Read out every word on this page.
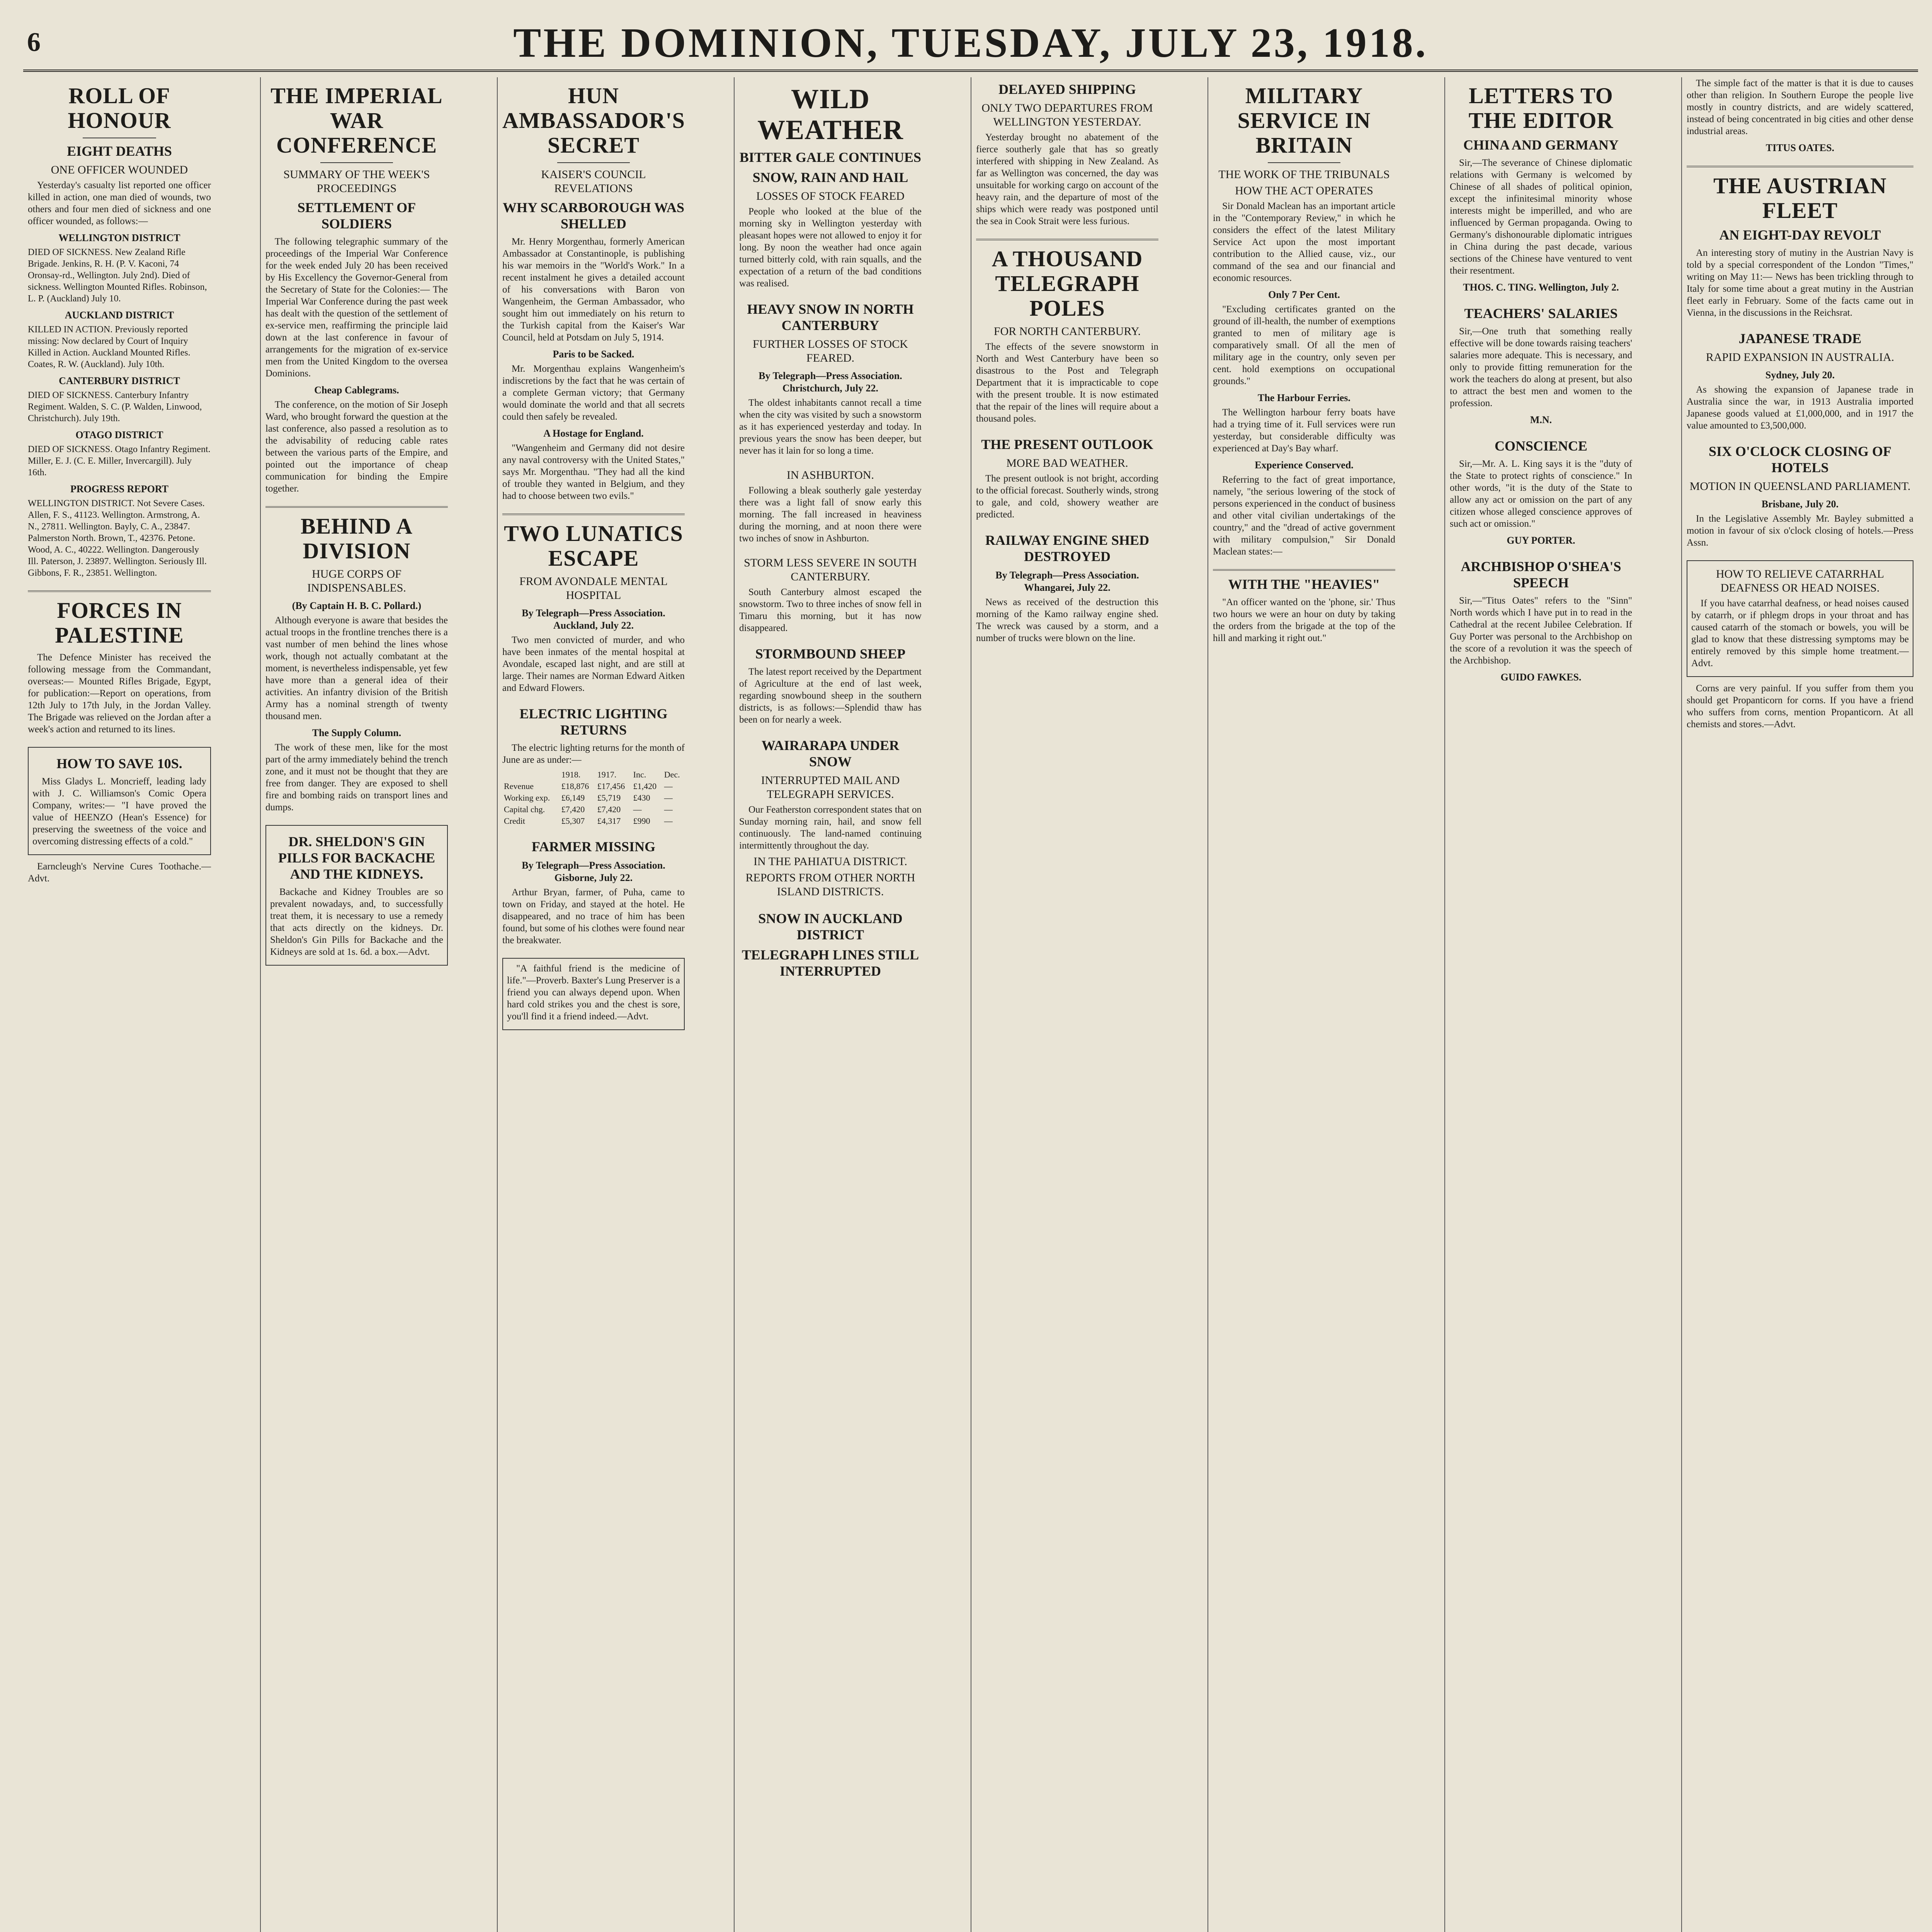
6	THE DOMINION, TUESDAY, JULY 23, 1918.
ROLL OF HONOUR
EIGHT DEATHS
ONE OFFICER WOUNDED

Yesterday's casualty list reported one officer killed in action, one man died of wounds, two others and four men died of sickness and one officer wounded, as follows:—

WELLINGTON DISTRICT

DIED OF SICKNESS. New Zealand Rifle Brigade. Jenkins, R. H. (P. V. Kaconi, 74 Oronsay-rd., Wellington. July 2nd). Died of sickness. Wellington Mounted Rifles. Robinson, L. P. (Auckland) July 10.

AUCKLAND DISTRICT

KILLED IN ACTION. Previously reported missing: Now declared by Court of Inquiry Killed in Action. Auckland Mounted Rifles. Coates, R. W. (Auckland). July 10th.

CANTERBURY DISTRICT

DIED OF SICKNESS. Canterbury Infantry Regiment. Walden, S. C. (P. Walden, Linwood, Christchurch). July 19th.

OTAGO DISTRICT

DIED OF SICKNESS. Otago Infantry Regiment. Miller, E. J. (C. E. Miller, Invercargill). July 16th.

PROGRESS REPORT

WELLINGTON DISTRICT. Not Severe Cases. Allen, F. S., 41123. Wellington. Armstrong, A. N., 27811. Wellington. Bayly, C. A., 23847. Palmerston North. Brown, T., 42376. Petone. Wood, A. C., 40222. Wellington. Dangerously Ill. Paterson, J. 23897. Wellington. Seriously Ill. Gibbons, F. R., 23851. Wellington.

FORCES IN PALESTINE

The Defence Minister has received the following message from the Commandant, overseas:— Mounted Rifles Brigade, Egypt, for publication:—Report on operations, from 12th July to 17th July, in the Jordan Valley. The Brigade was relieved on the Jordan after a week's action and returned to its lines.

HOW TO SAVE 10S.

Miss Gladys L. Moncrieff, leading lady with J. C. Williamson's Comic Opera Company, writes:— "I have proved the value of HEENZO (Hean's Essence) for preserving the sweetness of the voice and overcoming distressing effects of a cold."

Earncleugh's Nervine Cures Toothache.—Advt.

THE IMPERIAL WAR CONFERENCE
SUMMARY OF THE WEEK'S PROCEEDINGS
SETTLEMENT OF SOLDIERS

The following telegraphic summary of the proceedings of the Imperial War Conference for the week ended July 20 has been received by His Excellency the Governor-General from the Secretary of State for the Colonies:— The Imperial War Conference during the past week has dealt with the question of the settlement of ex-service men, reaffirming the principle laid down at the last conference in favour of arrangements for the migration of ex-service men from the United Kingdom to the oversea Dominions.

Cheap Cablegrams.

The conference, on the motion of Sir Joseph Ward, who brought forward the question at the last conference, also passed a resolution as to the advisability of reducing cable rates between the various parts of the Empire, and pointed out the importance of cheap communication for binding the Empire together.

BEHIND A DIVISION
HUGE CORPS OF INDISPENSABLES.
(By Captain H. B. C. Pollard.)

Although everyone is aware that besides the actual troops in the frontline trenches there is a vast number of men behind the lines whose work, though not actually combatant at the moment, is nevertheless indispensable, yet few have more than a general idea of their activities. An infantry division of the British Army has a nominal strength of twenty thousand men.

The Supply Column.

The work of these men, like for the most part of the army immediately behind the trench zone, and it must not be thought that they are free from danger. They are exposed to shell fire and bombing raids on transport lines and dumps.

DR. SHELDON'S GIN PILLS FOR BACKACHE AND THE KIDNEYS.

Backache and Kidney Troubles are so prevalent nowadays, and, to successfully treat them, it is necessary to use a remedy that acts directly on the kidneys. Dr. Sheldon's Gin Pills for Backache and the Kidneys are sold at 1s. 6d. a box.—Advt.

HUN AMBASSADOR'S SECRET
KAISER'S COUNCIL REVELATIONS
WHY SCARBOROUGH WAS SHELLED

Mr. Henry Morgenthau, formerly American Ambassador at Constantinople, is publishing his war memoirs in the "World's Work." In a recent instalment he gives a detailed account of his conversations with Baron von Wangenheim, the German Ambassador, who sought him out immediately on his return to the Turkish capital from the Kaiser's War Council, held at Potsdam on July 5, 1914.

Paris to be Sacked.

Mr. Morgenthau explains Wangenheim's indiscretions by the fact that he was certain of a complete German victory; that Germany would dominate the world and that all secrets could then safely be revealed.

A Hostage for England.

"Wangenheim and Germany did not desire any naval controversy with the United States," says Mr. Morgenthau. "They had all the kind of trouble they wanted in Belgium, and they had to choose between two evils."

TWO LUNATICS ESCAPE
FROM AVONDALE MENTAL HOSPITAL
By Telegraph—Press Association. Auckland, July 22.

Two men convicted of murder, and who have been inmates of the mental hospital at Avondale, escaped last night, and are still at large. Their names are Norman Edward Aitken and Edward Flowers.

ELECTRIC LIGHTING RETURNS

The electric lighting returns for the month of June are as under:—

	1918.	1917.	Inc.	Dec.
Revenue	£18,876	£17,456	£1,420	—
Working exp.	£6,149	£5,719	£430	—
Capital chg.	£7,420	£7,420	—	—
Credit	£5,307	£4,317	£990	—
FARMER MISSING
By Telegraph—Press Association. Gisborne, July 22.

Arthur Bryan, farmer, of Puha, came to town on Friday, and stayed at the hotel. He disappeared, and no trace of him has been found, but some of his clothes were found near the breakwater.

"A faithful friend is the medicine of life."—Proverb. Baxter's Lung Preserver is a friend you can always depend upon. When hard cold strikes you and the chest is sore, you'll find it a friend indeed.—Advt.

WILD WEATHER
BITTER GALE CONTINUES
SNOW, RAIN AND HAIL
LOSSES OF STOCK FEARED

People who looked at the blue of the morning sky in Wellington yesterday with pleasant hopes were not allowed to enjoy it for long. By noon the weather had once again turned bitterly cold, with rain squalls, and the expectation of a return of the bad conditions was realised.

HEAVY SNOW IN NORTH CANTERBURY
FURTHER LOSSES OF STOCK FEARED.
By Telegraph—Press Association. Christchurch, July 22.

The oldest inhabitants cannot recall a time when the city was visited by such a snowstorm as it has experienced yesterday and today. In previous years the snow has been deeper, but never has it lain for so long a time.

IN ASHBURTON.

Following a bleak southerly gale yesterday there was a light fall of snow early this morning. The fall increased in heaviness during the morning, and at noon there were two inches of snow in Ashburton.

STORM LESS SEVERE IN SOUTH CANTERBURY.

South Canterbury almost escaped the snowstorm. Two to three inches of snow fell in Timaru this morning, but it has now disappeared.

STORMBOUND SHEEP

The latest report received by the Department of Agriculture at the end of last week, regarding snowbound sheep in the southern districts, is as follows:—Splendid thaw has been on for nearly a week.

WAIRARAPA UNDER SNOW
INTERRUPTED MAIL AND TELEGRAPH SERVICES.

Our Featherston correspondent states that on Sunday morning rain, hail, and snow fell continuously. The land-named continuing intermittently throughout the day.

IN THE PAHIATUA DISTRICT.
REPORTS FROM OTHER NORTH ISLAND DISTRICTS.
SNOW IN AUCKLAND DISTRICT
TELEGRAPH LINES STILL INTERRUPTED
DELAYED SHIPPING
ONLY TWO DEPARTURES FROM WELLINGTON YESTERDAY.

Yesterday brought no abatement of the fierce southerly gale that has so greatly interfered with shipping in New Zealand. As far as Wellington was concerned, the day was unsuitable for working cargo on account of the heavy rain, and the departure of most of the ships which were ready was postponed until the sea in Cook Strait were less furious.

A THOUSAND TELEGRAPH POLES
FOR NORTH CANTERBURY.

The effects of the severe snowstorm in North and West Canterbury have been so disastrous to the Post and Telegraph Department that it is impracticable to cope with the present trouble. It is now estimated that the repair of the lines will require about a thousand poles.

THE PRESENT OUTLOOK
MORE BAD WEATHER.

The present outlook is not bright, according to the official forecast. Southerly winds, strong to gale, and cold, showery weather are predicted.

RAILWAY ENGINE SHED DESTROYED
By Telegraph—Press Association. Whangarei, July 22.

News as received of the destruction this morning of the Kamo railway engine shed. The wreck was caused by a storm, and a number of trucks were blown on the line.

MILITARY SERVICE IN BRITAIN
THE WORK OF THE TRIBUNALS
HOW THE ACT OPERATES

Sir Donald Maclean has an important article in the "Contemporary Review," in which he considers the effect of the latest Military Service Act upon the most important contribution to the Allied cause, viz., our command of the sea and our financial and economic resources.

Only 7 Per Cent.

"Excluding certificates granted on the ground of ill-health, the number of exemptions granted to men of military age is comparatively small. Of all the men of military age in the country, only seven per cent. hold exemptions on occupational grounds."

The Harbour Ferries.

The Wellington harbour ferry boats have had a trying time of it. Full services were run yesterday, but considerable difficulty was experienced at Day's Bay wharf.

Experience Conserved.

Referring to the fact of great importance, namely, "the serious lowering of the stock of persons experienced in the conduct of business and other vital civilian undertakings of the country," and the "dread of active government with military compulsion," Sir Donald Maclean states:—

WITH THE "HEAVIES"

"An officer wanted on the 'phone, sir.' Thus two hours we were an hour on duty by taking the orders from the brigade at the top of the hill and marking it right out."

LETTERS TO THE EDITOR
CHINA AND GERMANY

Sir,—The severance of Chinese diplomatic relations with Germany is welcomed by Chinese of all shades of political opinion, except the infinitesimal minority whose interests might be imperilled, and who are influenced by German propaganda. Owing to Germany's dishonourable diplomatic intrigues in China during the past decade, various sections of the Chinese have ventured to vent their resentment.

THOS. C. TING. Wellington, July 2.
TEACHERS' SALARIES

Sir,—One truth that something really effective will be done towards raising teachers' salaries more adequate. This is necessary, and only to provide fitting remuneration for the work the teachers do along at present, but also to attract the best men and women to the profession.

M.N.
CONSCIENCE

Sir,—Mr. A. L. King says it is the "duty of the State to protect rights of conscience." In other words, "it is the duty of the State to allow any act or omission on the part of any citizen whose alleged conscience approves of such act or omission."

GUY PORTER.
ARCHBISHOP O'SHEA'S SPEECH

Sir,—"Titus Oates" refers to the "Sinn" North words which I have put in to read in the Cathedral at the recent Jubilee Celebration. If Guy Porter was personal to the Archbishop on the score of a revolution it was the speech of the Archbishop.

GUIDO FAWKES.

The simple fact of the matter is that it is due to causes other than religion. In Southern Europe the people live mostly in country districts, and are widely scattered, instead of being concentrated in big cities and other dense industrial areas.

TITUS OATES.
THE AUSTRIAN FLEET
AN EIGHT-DAY REVOLT

An interesting story of mutiny in the Austrian Navy is told by a special correspondent of the London "Times," writing on May 11:— News has been trickling through to Italy for some time about a great mutiny in the Austrian fleet early in February. Some of the facts came out in Vienna, in the discussions in the Reichsrat.

JAPANESE TRADE
RAPID EXPANSION IN AUSTRALIA.
Sydney, July 20.

As showing the expansion of Japanese trade in Australia since the war, in 1913 Australia imported Japanese goods valued at £1,000,000, and in 1917 the value amounted to £3,500,000.

SIX O'CLOCK CLOSING OF HOTELS
MOTION IN QUEENSLAND PARLIAMENT.
Brisbane, July 20.

In the Legislative Assembly Mr. Bayley submitted a motion in favour of six o'clock closing of hotels.—Press Assn.

HOW TO RELIEVE CATARRHAL DEAFNESS OR HEAD NOISES.

If you have catarrhal deafness, or head noises caused by catarrh, or if phlegm drops in your throat and has caused catarrh of the stomach or bowels, you will be glad to know that these distressing symptoms may be entirely removed by this simple home treatment.—Advt.

Corns are very painful. If you suffer from them you should get Propanticorn for corns. If you have a friend who suffers from corns, mention Propanticorn. At all chemists and stores.—Advt.
